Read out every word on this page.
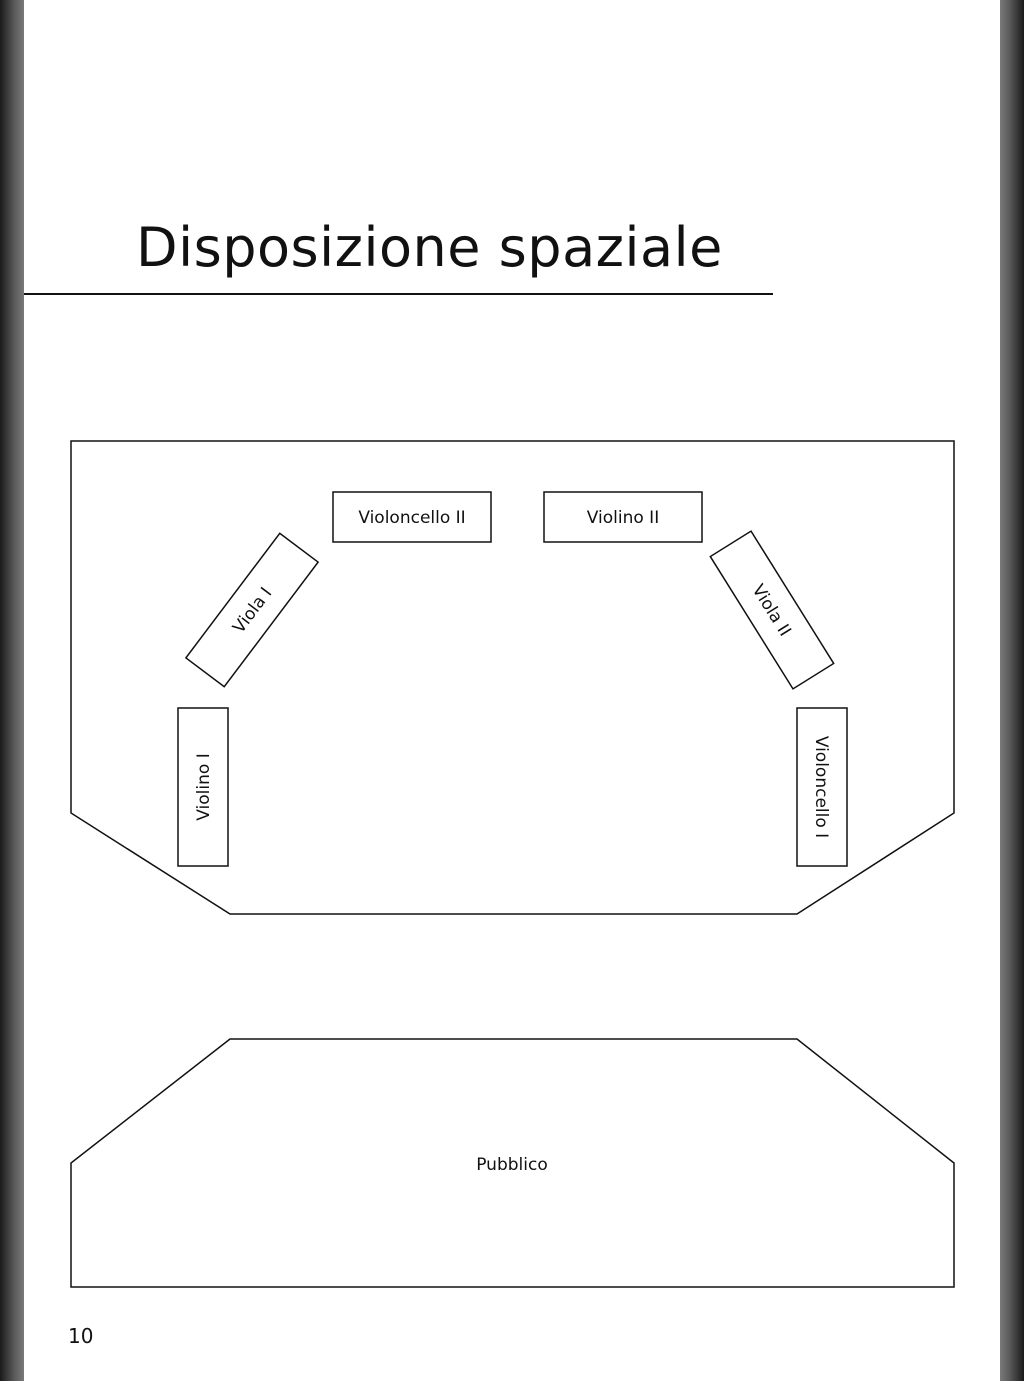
Disposizione spaziale
Violoncello II	Violino II
Viola I	Viola II
Violino I	Violoncello I
Pubblico
10
